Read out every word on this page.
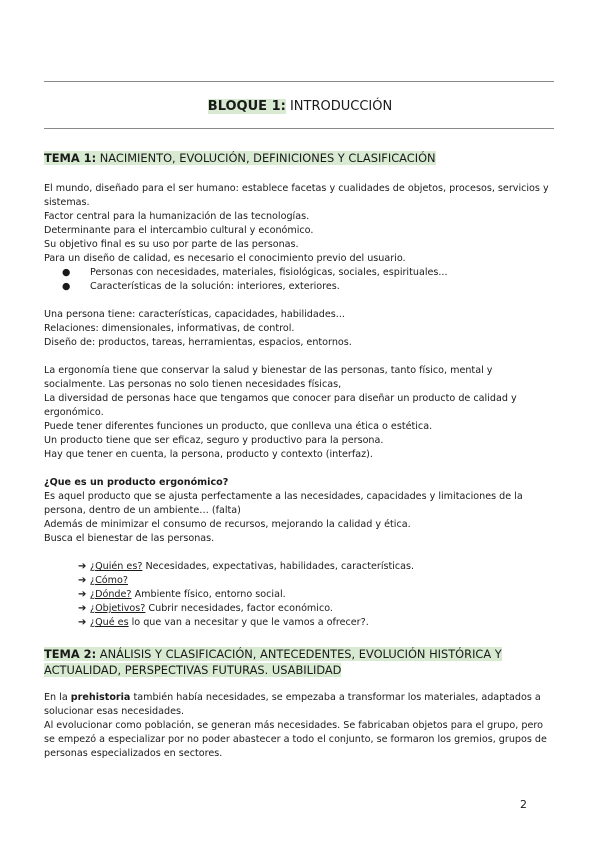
BLOQUE 1: INTRODUCCIÓN
TEMA 1: NACIMIENTO, EVOLUCIÓN, DEFINICIONES Y CLASIFICACIÓN

El mundo, diseñado para el ser humano: establece facetas y cualidades de objetos, procesos, servicios y sistemas.

Factor central para la humanización de las tecnologías.

Determinante para el intercambio cultural y económico.

Su objetivo final es su uso por parte de las personas.

Para un diseño de calidad, es necesario el conocimiento previo del usuario.

● Personas con necesidades, materiales, fisiológicas, sociales, espirituales...
● Características de la solución: interiores, exteriores.

Una persona tiene: características, capacidades, habilidades...

Relaciones: dimensionales, informativas, de control.

Diseño de: productos, tareas, herramientas, espacios, entornos.

La ergonomía tiene que conservar la salud y bienestar de las personas, tanto físico, mental y socialmente. Las personas no solo tienen necesidades físicas,

La diversidad de personas hace que tengamos que conocer para diseñar un producto de calidad y ergonómico.

Puede tener diferentes funciones un producto, que conlleva una ética o estética.

Un producto tiene que ser eficaz, seguro y productivo para la persona.

Hay que tener en cuenta, la persona, producto y contexto (interfaz).

¿Que es un producto ergonómico?

Es aquel producto que se ajusta perfectamente a las necesidades, capacidades y limitaciones de la persona, dentro de un ambiente… (falta)

Además de minimizar el consumo de recursos, mejorando la calidad y ética.

Busca el bienestar de las personas.

➔ ¿Quién es? Necesidades, expectativas, habilidades, características.
➔ ¿Cómo?
➔ ¿Dónde? Ambiente físico, entorno social.
➔ ¿Objetivos? Cubrir necesidades, factor económico.
➔ ¿Qué es lo que van a necesitar y que le vamos a ofrecer?.
TEMA 2: ANÁLISIS Y CLASIFICACIÓN, ANTECEDENTES, EVOLUCIÓN HISTÓRICA Y ACTUALIDAD, PERSPECTIVAS FUTURAS. USABILIDAD

En la prehistoria también había necesidades, se empezaba a transformar los materiales, adaptados a solucionar esas necesidades.

Al evolucionar como población, se generan más necesidades. Se fabricaban objetos para el grupo, pero se empezó a especializar por no poder abastecer a todo el conjunto, se formaron los gremios, grupos de personas especializados en sectores.

2
